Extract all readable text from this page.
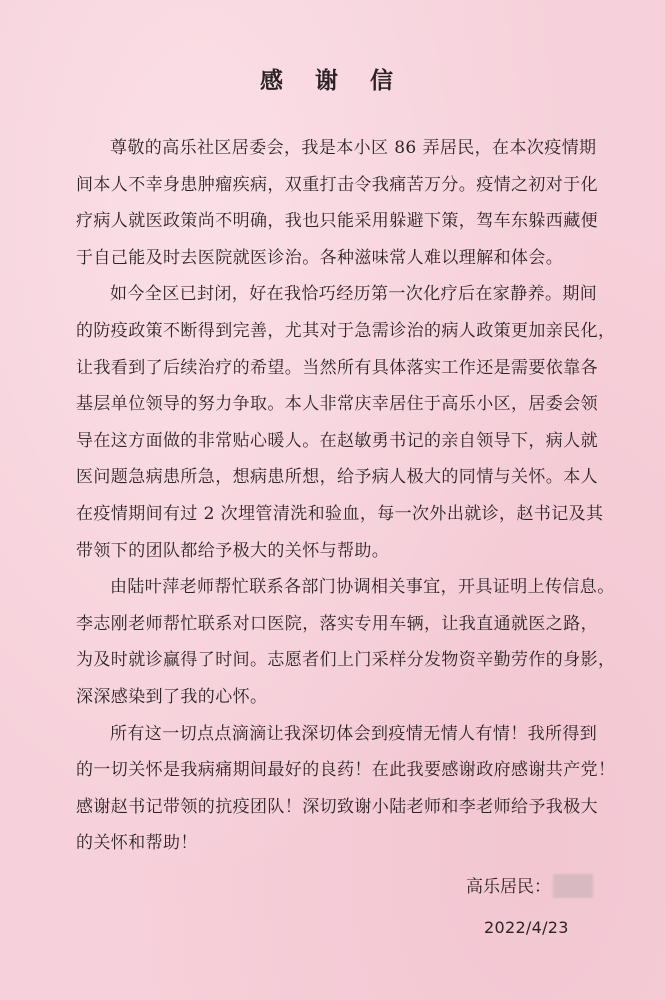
感 谢 信

尊敬的高乐社区居委会，我是本小区 86 弄居民，在本次疫情期
间本人不幸身患肿瘤疾病，双重打击令我痛苦万分。疫情之初对于化
疗病人就医政策尚不明确，我也只能采用躲避下策，驾车东躲西藏便
于自己能及时去医院就医诊治。各种滋味常人难以理解和体会。

如今全区已封闭，好在我恰巧经历第一次化疗后在家静养。期间
的防疫政策不断得到完善，尤其对于急需诊治的病人政策更加亲民化，
让我看到了后续治疗的希望。当然所有具体落实工作还是需要依靠各
基层单位领导的努力争取。本人非常庆幸居住于高乐小区，居委会领
导在这方面做的非常贴心暖人。在赵敏勇书记的亲自领导下，病人就
医问题急病患所急，想病患所想，给予病人极大的同情与关怀。本人
在疫情期间有过 2 次埋管清洗和验血，每一次外出就诊，赵书记及其
带领下的团队都给予极大的关怀与帮助。

由陆叶萍老师帮忙联系各部门协调相关事宜，开具证明上传信息。
李志刚老师帮忙联系对口医院，落实专用车辆，让我直通就医之路，
为及时就诊赢得了时间。志愿者们上门采样分发物资辛勤劳作的身影，
深深感染到了我的心怀。

所有这一切点点滴滴让我深切体会到疫情无情人有情！我所得到
的一切关怀是我病痛期间最好的良药！在此我要感谢政府感谢共产党！
感谢赵书记带领的抗疫团队！深切致谢小陆老师和李老师给予我极大
的关怀和帮助！

高乐居民：
2022/4/23
